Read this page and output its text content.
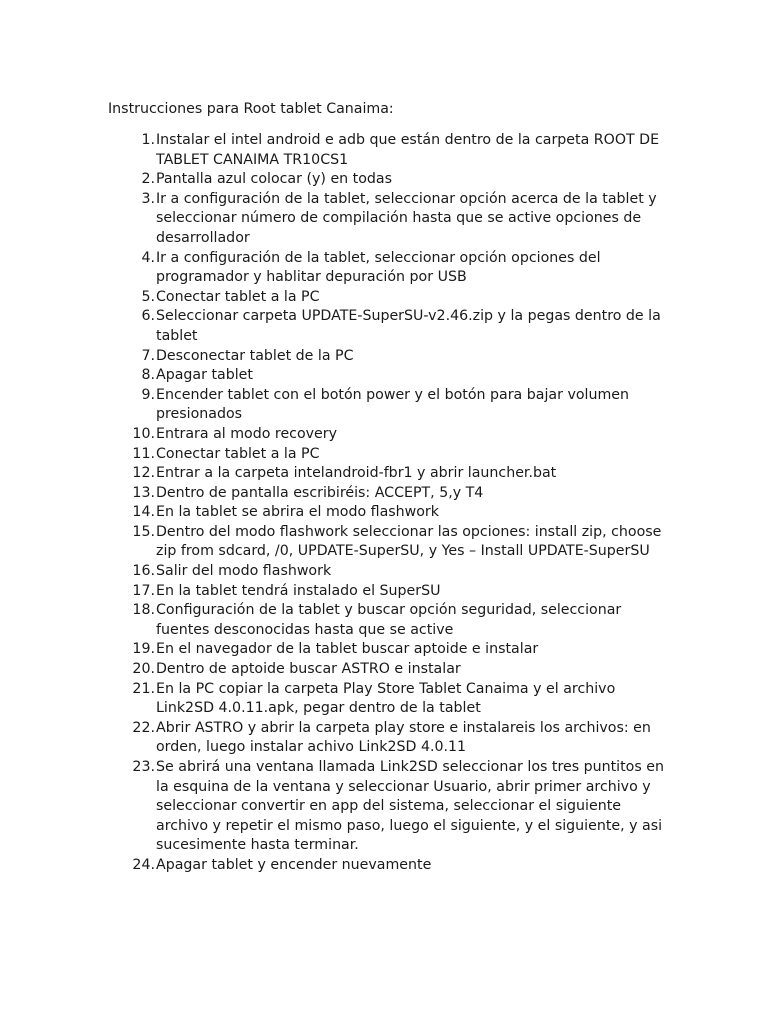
Instrucciones para Root tablet Canaima:
1. Instalar el intel android e adb que están dentro de la carpeta ROOT DE TABLET CANAIMA TR10CS1
2. Pantalla azul colocar (y) en todas
3. Ir a configuración de la tablet, seleccionar opción acerca de la tablet y seleccionar número de compilación hasta que se active opciones de desarrollador
4. Ir a configuración de la tablet, seleccionar opción opciones del programador y hablitar depuración por USB
5. Conectar tablet a la PC
6. Seleccionar carpeta UPDATE-SuperSU-v2.46.zip y la pegas dentro de la tablet
7. Desconectar tablet de la PC
8. Apagar tablet
9. Encender tablet con el botón power y el botón para bajar volumen presionados
10. Entrara al modo recovery
11. Conectar tablet a la PC
12. Entrar a la carpeta intelandroid-fbr1 y abrir launcher.bat
13. Dentro de pantalla escribiréis: ACCEPT, 5,y T4
14. En la tablet se abrira el modo flashwork
15. Dentro del modo flashwork seleccionar las opciones: install zip, choose zip from sdcard, /0, UPDATE-SuperSU, y Yes – Install UPDATE-SuperSU
16. Salir del modo flashwork
17. En la tablet tendrá instalado el SuperSU
18. Configuración de la tablet y buscar opción seguridad, seleccionar fuentes desconocidas hasta que se active
19. En el navegador de la tablet buscar aptoide e instalar
20. Dentro de aptoide buscar ASTRO e instalar
21. En la PC copiar la carpeta Play Store Tablet Canaima y el archivo Link2SD 4.0.11.apk, pegar dentro de la tablet
22. Abrir ASTRO y abrir la carpeta play store e instalareis los archivos: en orden, luego instalar achivo Link2SD 4.0.11
23. Se abrirá una ventana llamada Link2SD seleccionar los tres puntitos en la esquina de la ventana y seleccionar Usuario, abrir primer archivo y seleccionar convertir en app del sistema, seleccionar el siguiente archivo y repetir el mismo paso, luego el siguiente, y el siguiente, y asi sucesimente hasta terminar.
24. Apagar tablet y encender nuevamente
